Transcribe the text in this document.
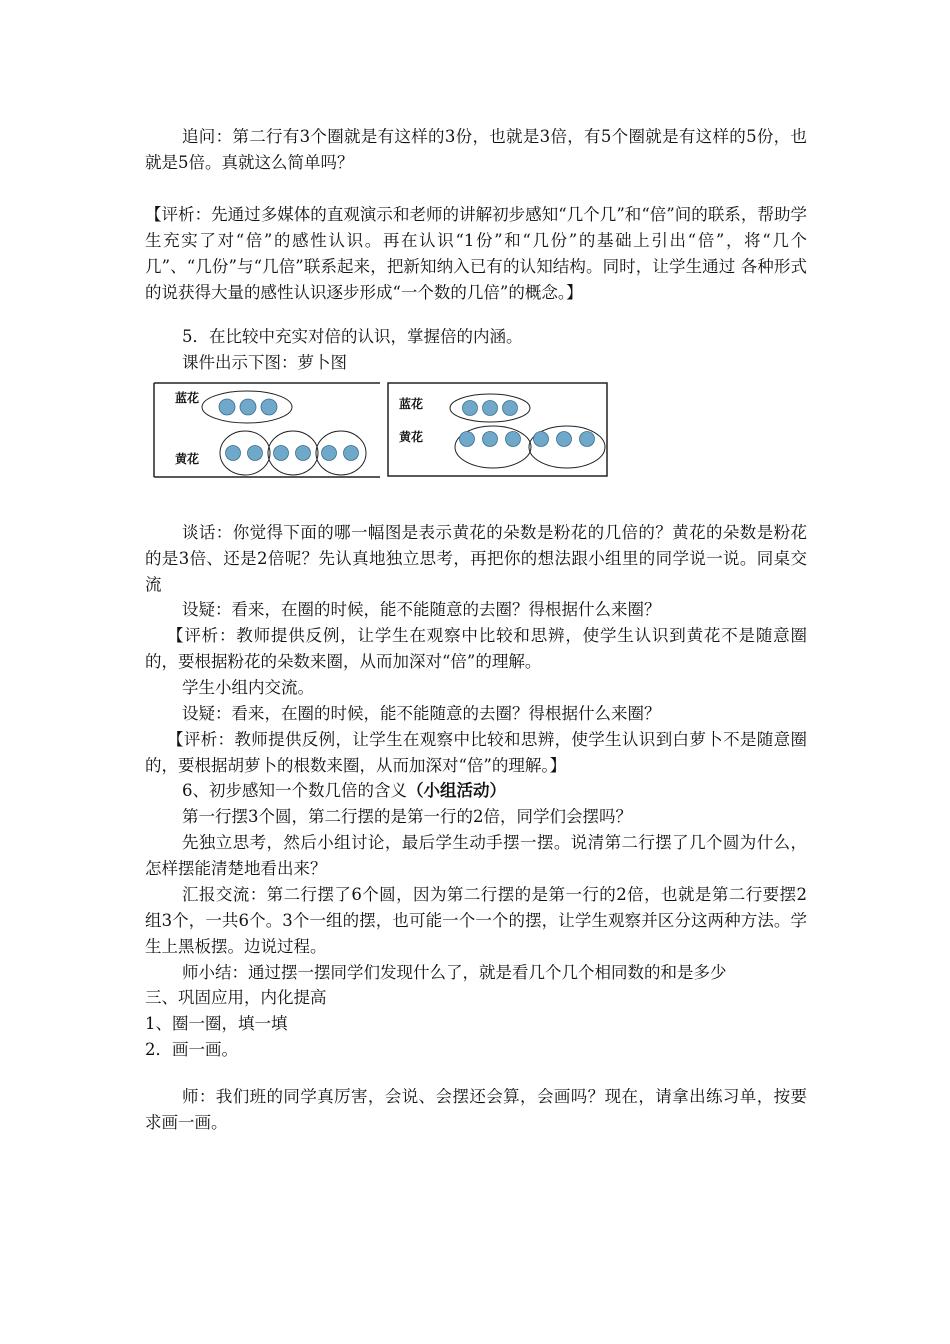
追问：第二行有3个圈就是有这样的3份，也就是3倍，有5个圈就是有这样的5份，也就是5倍。真就这么简单吗？

【评析：先通过多媒体的直观演示和老师的讲解初步感知“几个几”和“倍”间的联系，帮助学生充实了对“倍”的感性认识。再在认识“1份”和“几份”的基础上引出“倍”，将“几个几”、“几份”与“几倍”联系起来，把新知纳入已有的认知结构。同时，让学生通过 各种形式的说获得大量的感性认识逐步形成“一个数的几倍”的概念。】

5．在比较中充实对倍的认识，掌握倍的内涵。

课件出示下图：萝卜图

蓝花
黄花
蓝花
黄花

谈话：你觉得下面的哪一幅图是表示黄花的朵数是粉花的几倍的？黄花的朵数是粉花的是3倍、还是2倍呢？先认真地独立思考，再把你的想法跟小组里的同学说一说。同桌交流

设疑：看来，在圈的时候，能不能随意的去圈？得根据什么来圈？

【评析：教师提供反例，让学生在观察中比较和思辨，使学生认识到黄花不是随意圈的，要根据粉花的朵数来圈，从而加深对“倍”的理解。

学生小组内交流。

设疑：看来，在圈的时候，能不能随意的去圈？得根据什么来圈？

【评析：教师提供反例，让学生在观察中比较和思辨，使学生认识到白萝卜不是随意圈的，要根据胡萝卜的根数来圈，从而加深对“倍”的理解。】

6、初步感知一个数几倍的含义（小组活动）

第一行摆3个圆，第二行摆的是第一行的2倍，同学们会摆吗？

先独立思考，然后小组讨论，最后学生动手摆一摆。说清第二行摆了几个圆为什么，怎样摆能清楚地看出来？

汇报交流：第二行摆了6个圆，因为第二行摆的是第一行的2倍，也就是第二行要摆2组3个，一共6个。3个一组的摆，也可能一个一个的摆，让学生观察并区分这两种方法。学生上黑板摆。边说过程。

师小结：通过摆一摆同学们发现什么了，就是看几个几个相同数的和是多少

三、巩固应用，内化提高

1、圈一圈，填一填

2．画一画。

师：我们班的同学真厉害，会说、会摆还会算，会画吗？现在，请拿出练习单，按要求画一画。
